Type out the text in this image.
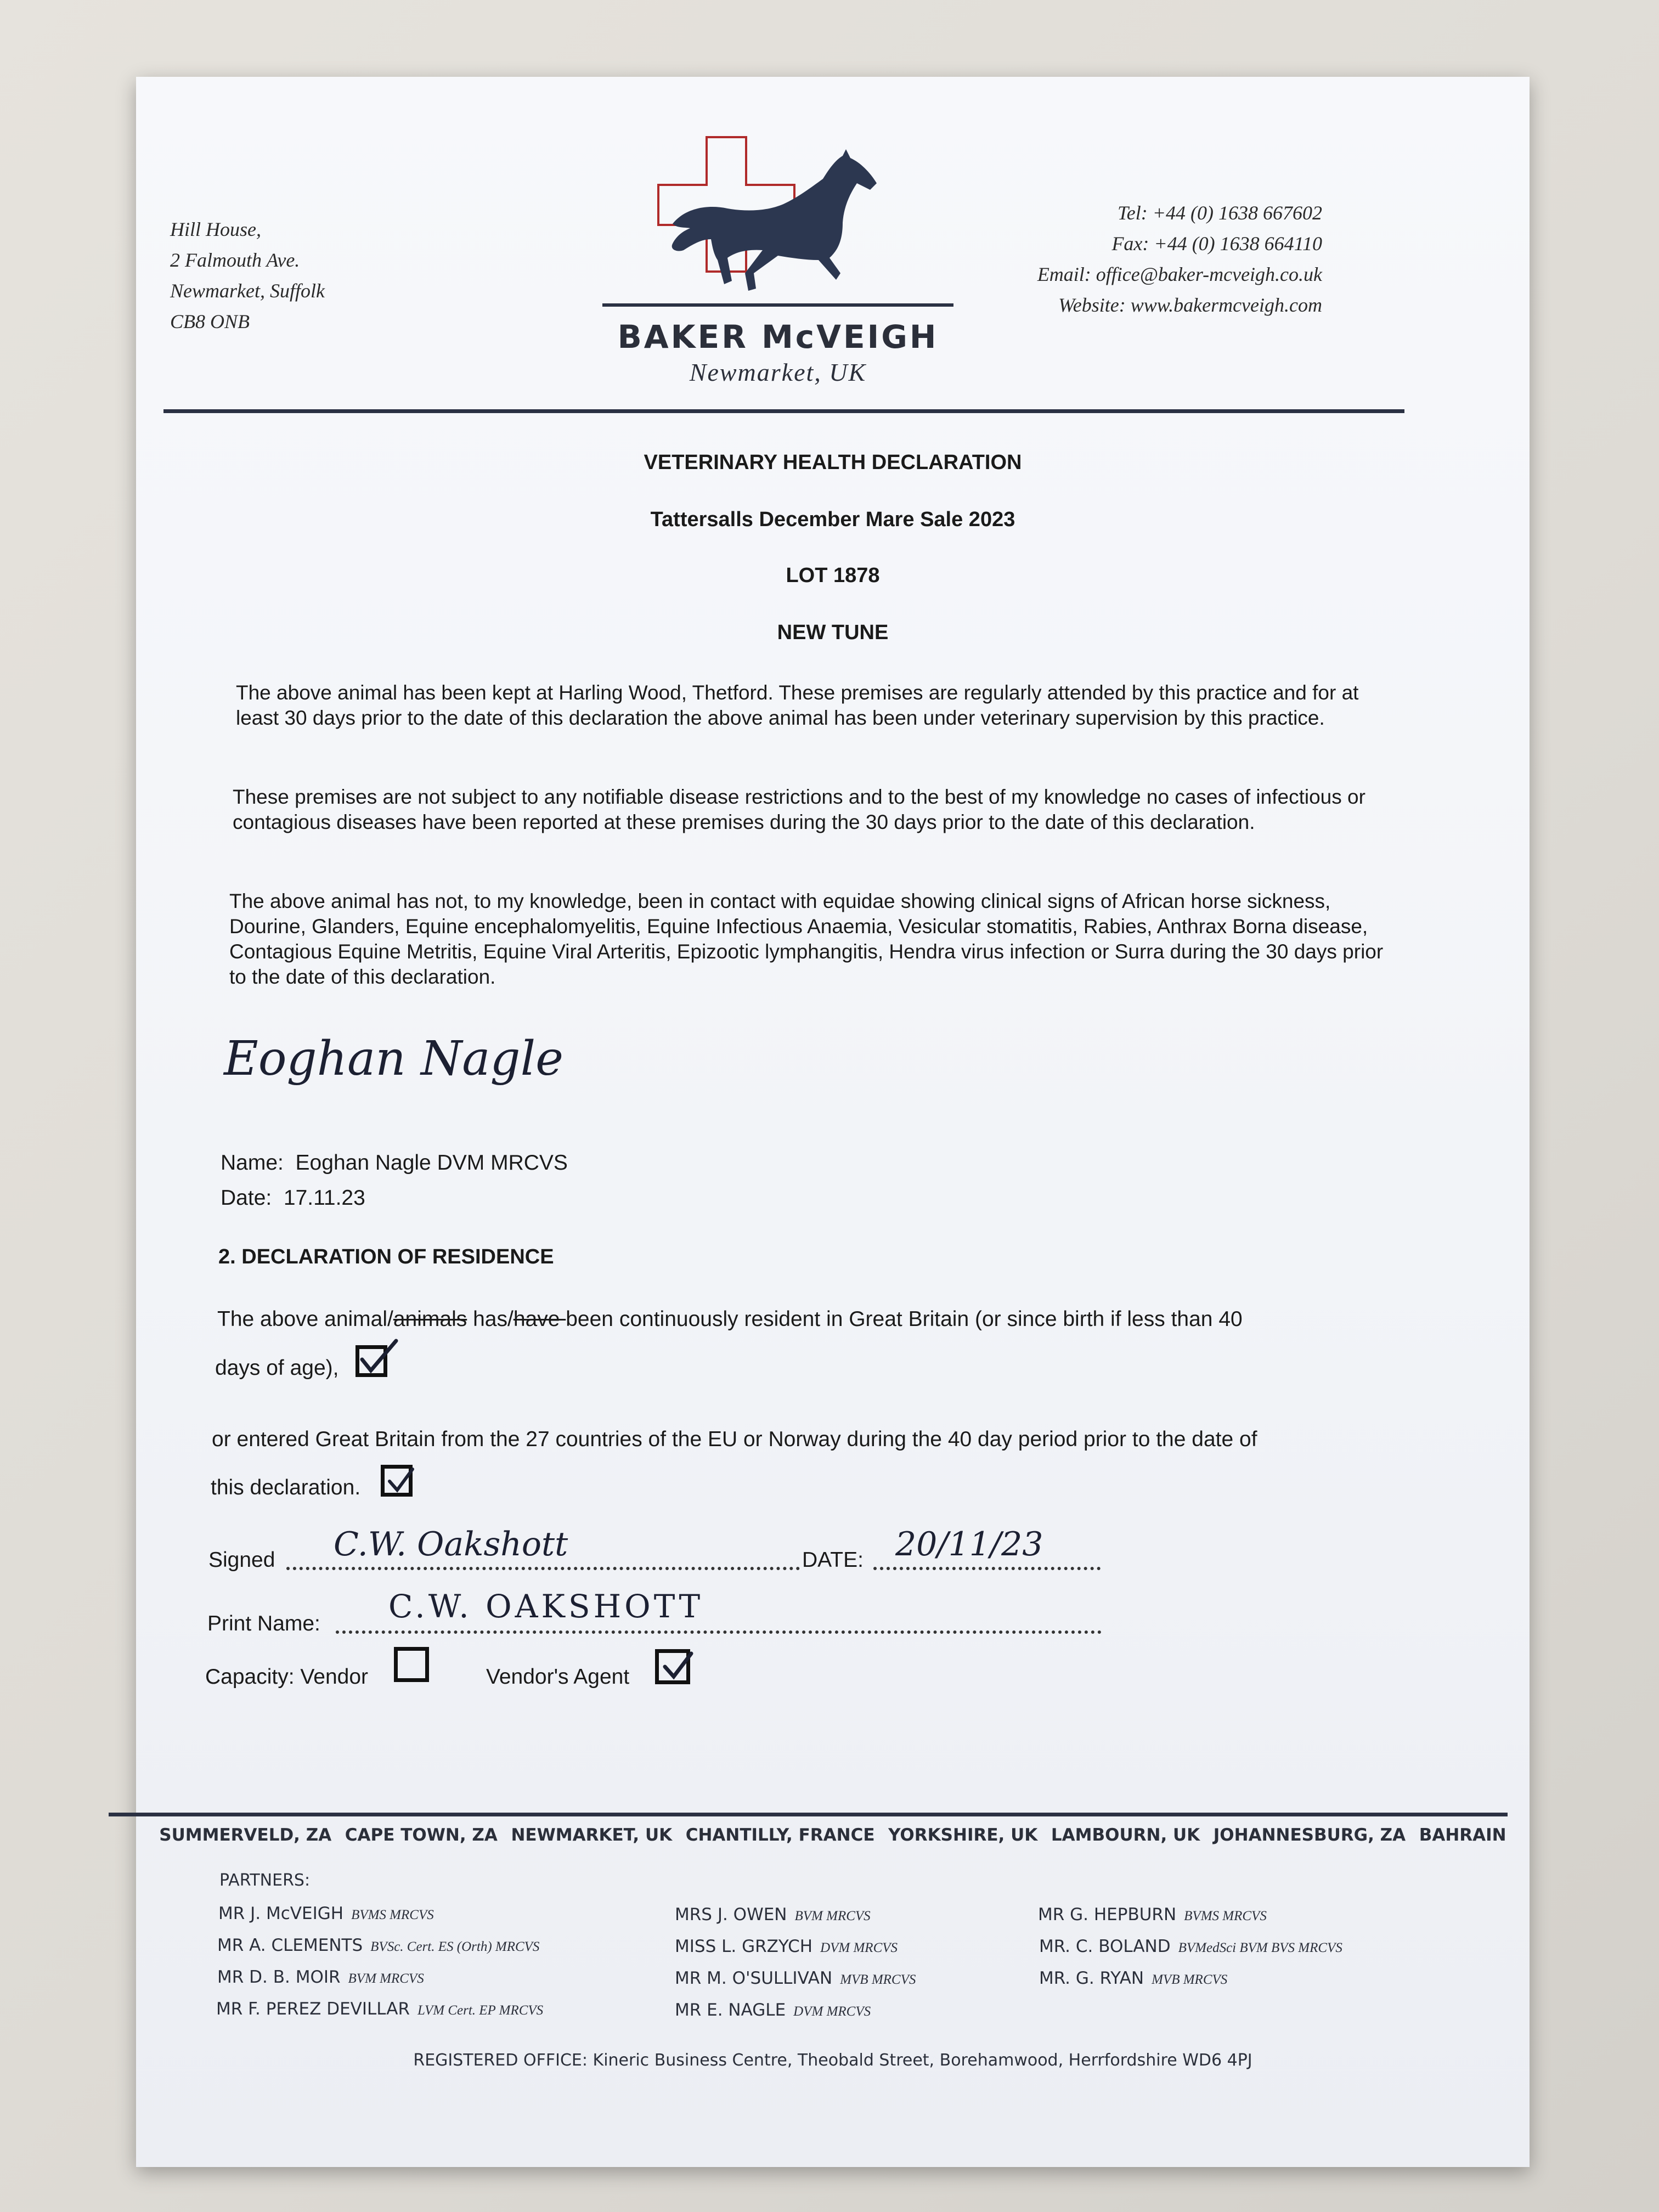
Hill House,
2 Falmouth Ave.
Newmarket, Suffolk
CB8 ONB	BAKER McVEIGH
Newmarket, UK
Tel: +44 (0) 1638 667602
Fax: +44 (0) 1638 664110
Email: office@baker-mcveigh.co.uk
Website: www.bakermcveigh.com
VETERINARY HEALTH DECLARATION
Tattersalls December Mare Sale 2023
LOT 1878
NEW TUNE
The above animal has been kept at Harling Wood, Thetford. These premises are regularly attended by this practice and for at least 30 days prior to the date of this declaration the above animal has been under veterinary supervision by this practice.
These premises are not subject to any notifiable disease restrictions and to the best of my knowledge no cases of infectious or contagious diseases have been reported at these premises during the 30 days prior to the date of this declaration.
The above animal has not, to my knowledge, been in contact with equidae showing clinical signs of African horse sickness, Dourine, Glanders, Equine encephalomyelitis, Equine Infectious Anaemia, Vesicular stomatitis, Rabies, Anthrax Borna disease, Contagious Equine Metritis, Equine Viral Arteritis, Epizootic lymphangitis, Hendra virus infection or Surra during the 30 days prior to the date of this declaration.
Eoghan Nagle
Name: Eoghan Nagle DVM MRCVS
Date: 17.11.23
2. DECLARATION OF RESIDENCE
The above animal/animals has/have been continuously resident in Great Britain (or since birth if less than 40
days of age),
or entered Great Britain from the 27 countries of the EU or Norway during the 40 day period prior to the date of
this declaration.
Signed C.W. Oakshott	DATE: 20/11/23
Print Name: C.W. OAKSHOTT
Capacity: Vendor	Vendor's Agent
SUMMERVELD, ZA CAPE TOWN, ZA NEWMARKET, UK CHANTILLY, FRANCE YORKSHIRE, UK LAMBOURN, UK JOHANNESBURG, ZA BAHRAIN
PARTNERS:
MR J. McVEIGH BVMS MRCVS
MR A. CLEMENTS BVSc. Cert. ES (Orth) MRCVS
MR D. B. MOIR BVM MRCVS
MR F. PEREZ DEVILLAR LVM Cert. EP MRCVS
MRS J. OWEN BVM MRCVS
MISS L. GRZYCH DVM MRCVS
MR M. O'SULLIVAN MVB MRCVS
MR E. NAGLE DVM MRCVS
MR G. HEPBURN BVMS MRCVS
MR. C. BOLAND BVMedSci BVM BVS MRCVS
MR. G. RYAN MVB MRCVS
REGISTERED OFFICE: Kineric Business Centre, Theobald Street, Borehamwood, Herrfordshire WD6 4PJ
